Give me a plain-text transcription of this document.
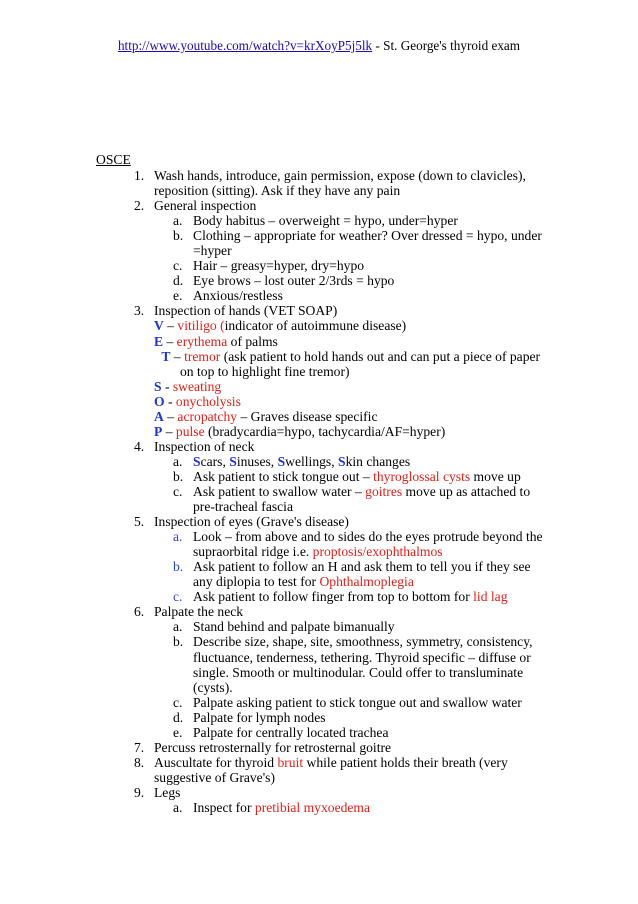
http://www.youtube.com/watch?v=krXoyP5j5lk - St. George's thyroid exam
OSCE
1. Wash hands, introduce, gain permission, expose (down to clavicles), reposition (sitting). Ask if they have any pain
2. General inspection
a. Body habitus – overweight = hypo, under=hyper
b. Clothing – appropriate for weather? Over dressed = hypo, under =hyper
c. Hair – greasy=hyper, dry=hypo
d. Eye brows – lost outer 2/3rds = hypo
e. Anxious/restless
3. Inspection of hands (VET SOAP)
V – vitiligo (indicator of autoimmune disease)
E – erythema of palms
T – tremor (ask patient to hold hands out and can put a piece of paper on top to highlight fine tremor)
S - sweating
O - onycholysis
A – acropatchy – Graves disease specific
P – pulse (bradycardia=hypo, tachycardia/AF=hyper)
4. Inspection of neck
a. Scars, Sinuses, Swellings, Skin changes
b. Ask patient to stick tongue out – thyroglossal cysts move up
c. Ask patient to swallow water – goitres move up as attached to pre-tracheal fascia
5. Inspection of eyes (Grave's disease)
a. Look – from above and to sides do the eyes protrude beyond the supraorbital ridge i.e. proptosis/exophthalmos
b. Ask patient to follow an H and ask them to tell you if they see any diplopia to test for Ophthalmoplegia
c. Ask patient to follow finger from top to bottom for lid lag
6. Palpate the neck
a. Stand behind and palpate bimanually
b. Describe size, shape, site, smoothness, symmetry, consistency, fluctuance, tenderness, tethering. Thyroid specific – diffuse or single. Smooth or multinodular. Could offer to transluminate (cysts).
c. Palpate asking patient to stick tongue out and swallow water
d. Palpate for lymph nodes
e. Palpate for centrally located trachea
7. Percuss retrosternally for retrosternal goitre
8. Auscultate for thyroid bruit while patient holds their breath (very suggestive of Grave's)
9. Legs
a. Inspect for pretibial myxoedema
